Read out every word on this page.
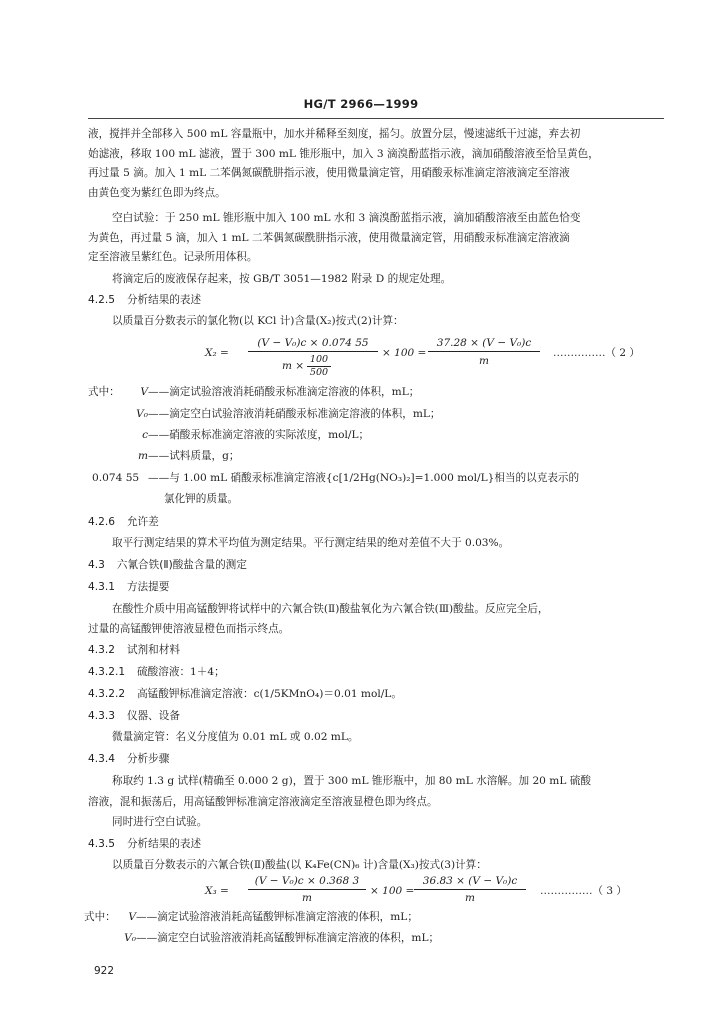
HG/T 2966—1999
液，搅拌并全部移入 500 mL 容量瓶中，加水并稀释至刻度，摇匀。放置分层，慢速滤纸干过滤，弃去初
始滤液，移取 100 mL 滤液，置于 300 mL 锥形瓶中，加入 3 滴溴酚蓝指示液，滴加硝酸溶液至恰呈黄色，
再过量 5 滴。加入 1 mL 二苯偶氮碳酰肼指示液，使用微量滴定管，用硝酸汞标准滴定溶液滴定至溶液
由黄色变为紫红色即为终点。
空白试验：于 250 mL 锥形瓶中加入 100 mL 水和 3 滴溴酚蓝指示液，滴加硝酸溶液至由蓝色恰变
为黄色，再过量 5 滴，加入 1 mL 二苯偶氮碳酰肼指示液，使用微量滴定管，用硝酸汞标准滴定溶液滴
定至溶液呈紫红色。记录所用体积。
将滴定后的废液保存起来，按 GB/T 3051—1982 附录 D 的规定处理。
4.2.5 分析结果的表述
以质量百分数表示的氯化物(以 KCl 计)含量(X₂)按式(2)计算：
X₂ =
(V − V₀)c × 0.074 55
m ×
100
500
× 100 =
37.28 × (V − V₀)c
m
……………（ 2 ）
式中：	V ——滴定试验溶液消耗硝酸汞标准滴定溶液的体积，mL；
V₀ ——滴定空白试验溶液消耗硝酸汞标准滴定溶液的体积，mL；
c ——硝酸汞标准滴定溶液的实际浓度，mol/L；
m ——试料质量，g；
0.074 55 ——与 1.00 mL 硝酸汞标准滴定溶液{c[1/2Hg(NO₃)₂]=1.000 mol/L}相当的以克表示的
氯化钾的质量。
4.2.6 允许差
取平行测定结果的算术平均值为测定结果。平行测定结果的绝对差值不大于 0.03%。
4.3 六氰合铁(Ⅱ)酸盐含量的测定
4.3.1 方法提要
在酸性介质中用高锰酸钾将试样中的六氰合铁(Ⅱ)酸盐氧化为六氰合铁(Ⅲ)酸盐。反应完全后，
过量的高锰酸钾使溶液显橙色而指示终点。
4.3.2 试剂和材料
4.3.2.1 硫酸溶液：1＋4；
4.3.2.2 高锰酸钾标准滴定溶液：c(1/5KMnO₄)＝0.01 mol/L。
4.3.3 仪器、设备
微量滴定管：名义分度值为 0.01 mL 或 0.02 mL。
4.3.4 分析步骤
称取约 1.3 g 试样(精确至 0.000 2 g)，置于 300 mL 锥形瓶中，加 80 mL 水溶解。加 20 mL 硫酸
溶液，混和振荡后，用高锰酸钾标准滴定溶液滴定至溶液显橙色即为终点。
同时进行空白试验。
4.3.5 分析结果的表述
以质量百分数表示的六氰合铁(Ⅱ)酸盐(以 K₄Fe(CN)₆ 计)含量(X₃)按式(3)计算：
X₃ =
(V − V₀)c × 0.368 3
m
× 100 =
36.83 × (V − V₀)c
m
……………（ 3 ）
式中：	V ——滴定试验溶液消耗高锰酸钾标准滴定溶液的体积，mL；
V₀ ——滴定空白试验溶液消耗高锰酸钾标准滴定溶液的体积，mL；
922
